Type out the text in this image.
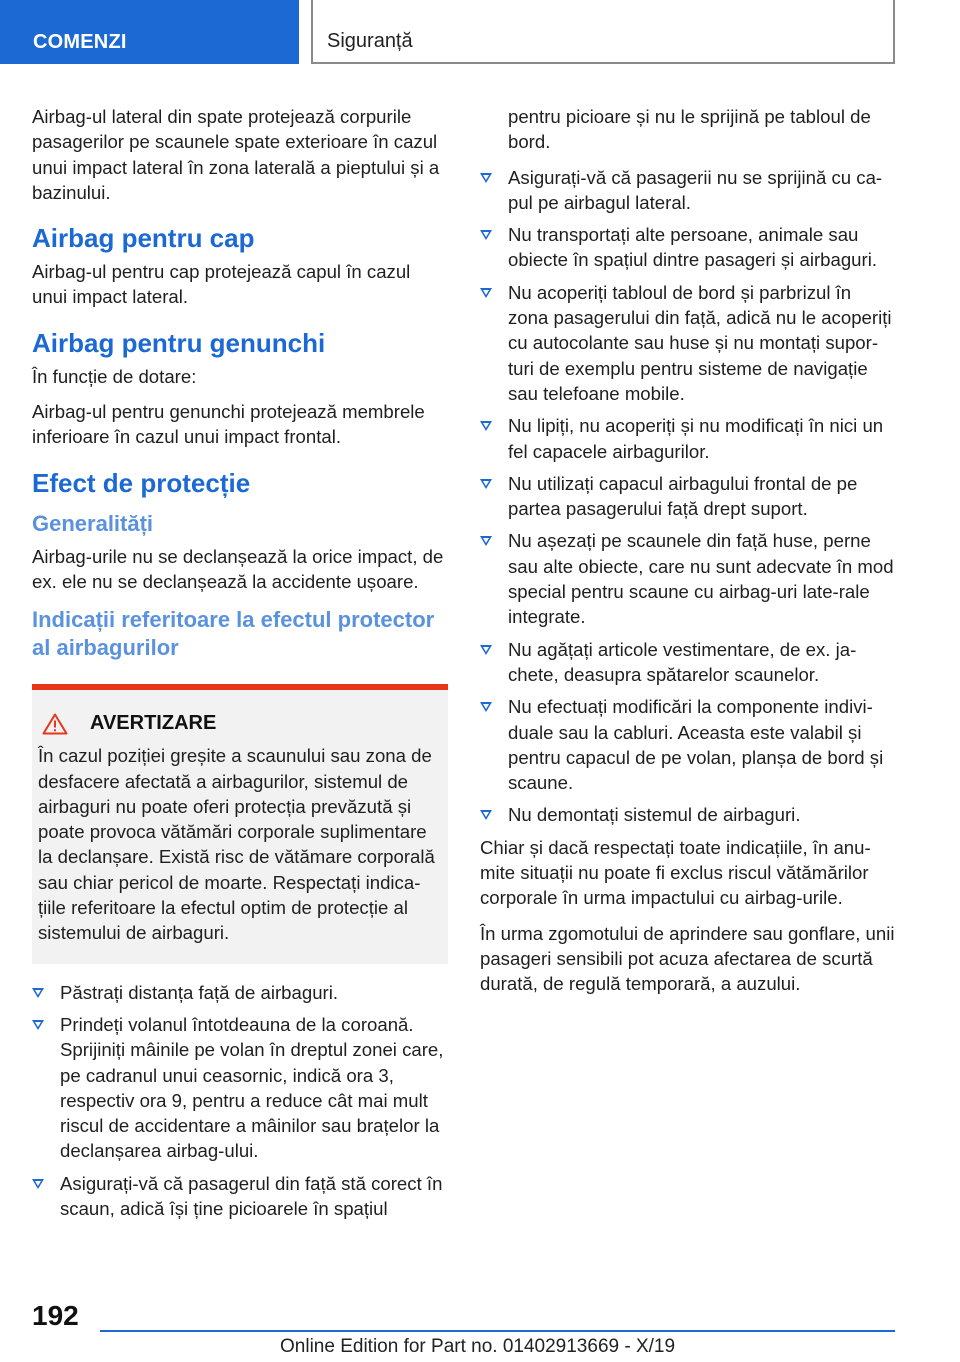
COMENZI	Siguranță

Airbag-ul lateral din spate protejează corpurile pasagerilor pe scaunele spate exterioare în cazul unui impact lateral în zona laterală a pieptului și a bazinului.

Airbag pentru cap

Airbag-ul pentru cap protejează capul în cazul unui impact lateral.

Airbag pentru genunchi

În funcție de dotare:

Airbag-ul pentru genunchi protejează membrele inferioare în cazul unui impact frontal.

Efect de protecție
Generalități

Airbag-urile nu se declanșează la orice impact, de ex. ele nu se declanșează la accidente ușoare.

Indicații referitoare la efectul protector al airbagurilor
AVERTIZARE

În cazul poziției greșite a scaunului sau zona de desfacere afectată a airbagurilor, sistemul de airbaguri nu poate oferi protecția prevăzută și poate provoca vătămări corporale suplimentare la declanșare. Există risc de vătămare corporală sau chiar pericol de moarte. Respectați indica‐țiile referitoare la efectul optim de protecție al sistemului de airbaguri.

Păstrați distanța față de airbaguri.
Prindeți volanul întotdeauna de la coroană. Sprijiniți mâinile pe volan în dreptul zonei care, pe cadranul unui ceasornic, indică ora 3, respectiv ora 9, pentru a reduce cât mai mult riscul de accidentare a mâinilor sau brațelor la declanșarea airbag-ului.
Asigurați-vă că pasagerul din față stă corect în scaun, adică își ține picioarele în spațiul

pentru picioare și nu le sprijină pe tabloul de bord.

Asigurați-vă că pasagerii nu se sprijină cu ca‐pul pe airbagul lateral.
Nu transportați alte persoane, animale sau obiecte în spațiul dintre pasageri și airbaguri.
Nu acoperiți tabloul de bord și parbrizul în zona pasagerului din față, adică nu le acoperiți cu autocolante sau huse și nu montați supor‐turi de exemplu pentru sisteme de navigație sau telefoane mobile.
Nu lipiți, nu acoperiți și nu modificați în nici un fel capacele airbagurilor.
Nu utilizați capacul airbagului frontal de pe partea pasagerului față drept suport.
Nu așezați pe scaunele din față huse, perne sau alte obiecte, care nu sunt adecvate în mod special pentru scaune cu airbag-uri late‐rale integrate.
Nu agățați articole vestimentare, de ex. ja‐chete, deasupra spătarelor scaunelor.
Nu efectuați modificări la componente indivi‐duale sau la cabluri. Aceasta este valabil și pentru capacul de pe volan, planșa de bord și scaune.
Nu demontați sistemul de airbaguri.

Chiar și dacă respectați toate indicațiile, în anu‐mite situații nu poate fi exclus riscul vătămărilor corporale în urma impactului cu airbag-urile.

În urma zgomotului de aprindere sau gonflare, unii pasageri sensibili pot acuza afectarea de scurtă durată, de regulă temporară, a auzului.

192
Online Edition for Part no. 01402913669 - X/19
